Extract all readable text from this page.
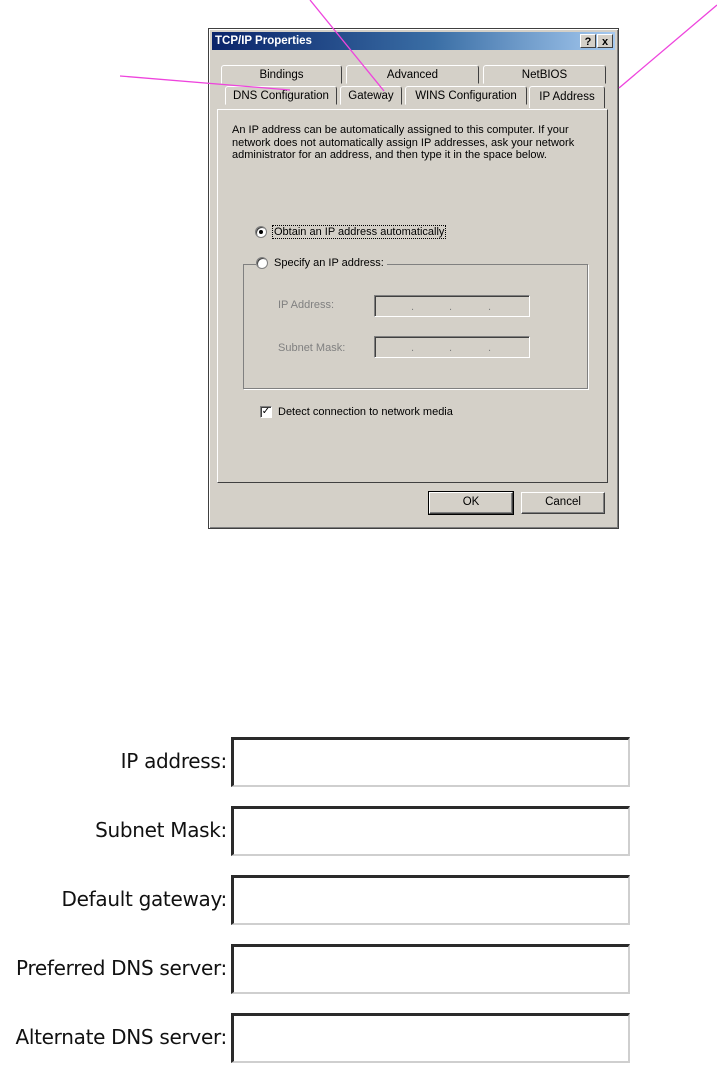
TCP/IP Properties	? x
Bindings	Advanced	NetBIOS
DNS Configuration	Gateway	WINS Configuration	IP Address
An IP address can be automatically assigned to this computer. If your network does not automatically assign IP addresses, ask your network administrator for an address, and then type it in the space below.
Obtain an IP address automatically
IP Address:	.	.	.
Subnet Mask:	.	.	.
Specify an IP address:
✓ Detect connection to network media
OK	Cancel
IP address:
Subnet Mask:
Default gateway:
Preferred DNS server:
Alternate DNS server:
